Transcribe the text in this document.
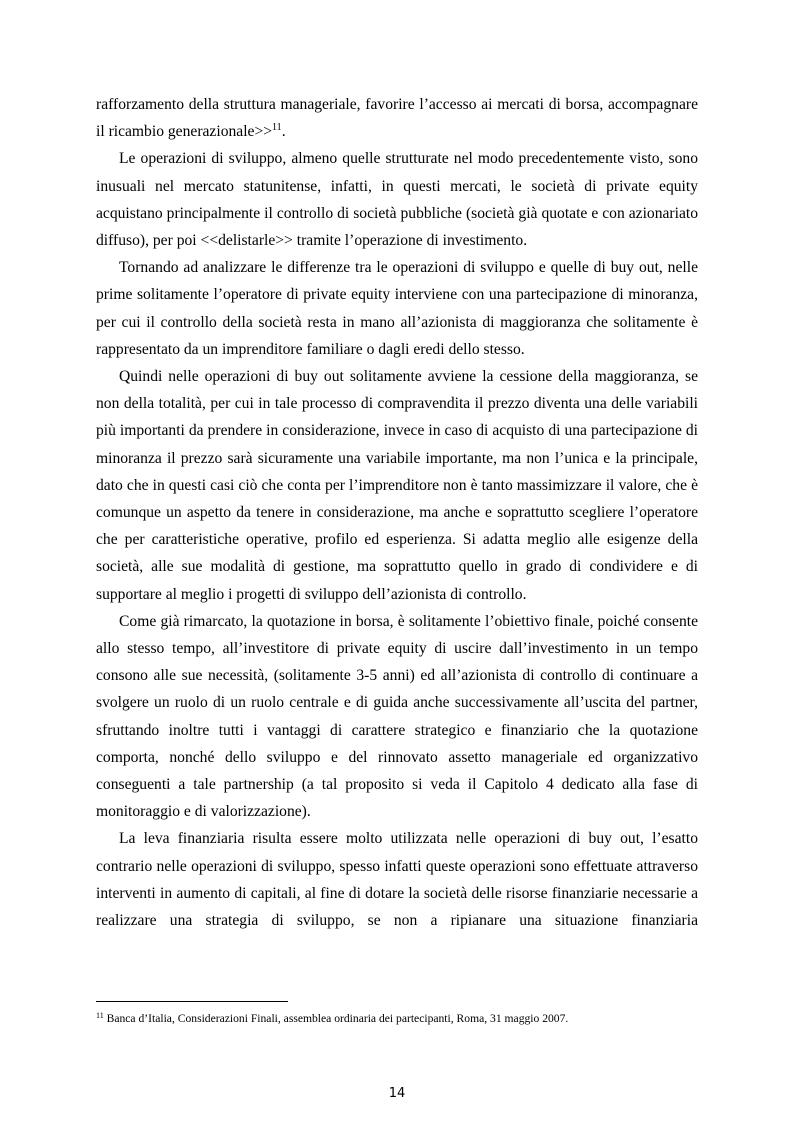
rafforzamento della struttura manageriale, favorire l’accesso ai mercati di borsa, accompagnare il ricambio generazionale>>$^{11}$.

Le operazioni di sviluppo, almeno quelle strutturate nel modo precedentemente visto, sono inusuali nel mercato statunitense, infatti, in questi mercati, le società di private equity acquistano principalmente il controllo di società pubbliche (società già quotate e con azionariato diffuso), per poi <<delistarle>> tramite l’operazione di investimento.

Tornando ad analizzare le differenze tra le operazioni di sviluppo e quelle di buy out, nelle prime solitamente l’operatore di private equity interviene con una partecipazione di minoranza, per cui il controllo della società resta in mano all’azionista di maggioranza che solitamente è rappresentato da un imprenditore familiare o dagli eredi dello stesso.

Quindi nelle operazioni di buy out solitamente avviene la cessione della maggioranza, se non della totalità, per cui in tale processo di compravendita il prezzo diventa una delle variabili più importanti da prendere in considerazione, invece in caso di acquisto di una partecipazione di minoranza il prezzo sarà sicuramente una variabile importante, ma non l’unica e la principale, dato che in questi casi ciò che conta per l’imprenditore non è tanto massimizzare il valore, che è comunque un aspetto da tenere in considerazione, ma anche e soprattutto scegliere l’operatore che per caratteristiche operative, profilo ed esperienza. Si adatta meglio alle esigenze della società, alle sue modalità di gestione, ma soprattutto quello in grado di condividere e di supportare al meglio i progetti di sviluppo dell’azionista di controllo.

Come già rimarcato, la quotazione in borsa, è solitamente l’obiettivo finale, poiché consente allo stesso tempo, all’investitore di private equity di uscire dall’investimento in un tempo consono alle sue necessità, (solitamente 3-5 anni) ed all’azionista di controllo di continuare a svolgere un ruolo di un ruolo centrale e di guida anche successivamente all’uscita del partner, sfruttando inoltre tutti i vantaggi di carattere strategico e finanziario che la quotazione comporta, nonché dello sviluppo e del rinnovato assetto manageriale ed organizzativo conseguenti a tale partnership (a tal proposito si veda il Capitolo 4 dedicato alla fase di monitoraggio e di valorizzazione).

La leva finanziaria risulta essere molto utilizzata nelle operazioni di buy out, l’esatto contrario nelle operazioni di sviluppo, spesso infatti queste operazioni sono effettuate attraverso interventi in aumento di capitali, al fine di dotare la società delle risorse finanziarie necessarie a realizzare una strategia di sviluppo, se non a ripianare una situazione finanziaria

$^{11}$ Banca d’Italia, Considerazioni Finali, assemblea ordinaria dei partecipanti, Roma, 31 maggio 2007.
14
